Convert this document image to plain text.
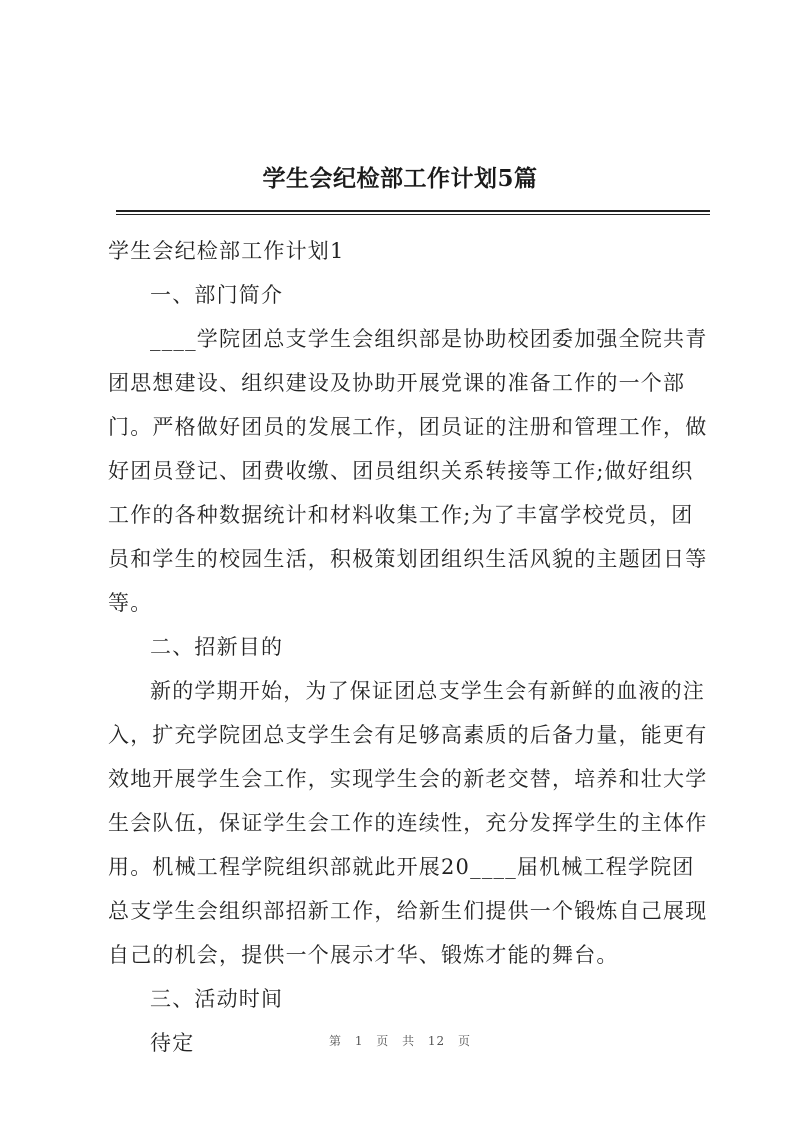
学生会纪检部工作计划5篇

学生会纪检部工作计划1

一、部门简介

____学院团总支学生会组织部是协助校团委加强全院共青团思想建设、组织建设及协助开展党课的准备工作的一个部门。严格做好团员的发展工作，团员证的注册和管理工作，做好团员登记、团费收缴、团员组织关系转接等工作;做好组织工作的各种数据统计和材料收集工作;为了丰富学校党员，团员和学生的校园生活，积极策划团组织生活风貌的主题团日等等。

二、招新目的

新的学期开始，为了保证团总支学生会有新鲜的血液的注入，扩充学院团总支学生会有足够高素质的后备力量，能更有效地开展学生会工作，实现学生会的新老交替，培养和壮大学生会队伍，保证学生会工作的连续性，充分发挥学生的主体作用。机械工程学院组织部就此开展20____届机械工程学院团总支学生会组织部招新工作，给新生们提供一个锻炼自己展现自己的机会，提供一个展示才华、锻炼才能的舞台。

三、活动时间

待定	第 1 页 共 12 页
